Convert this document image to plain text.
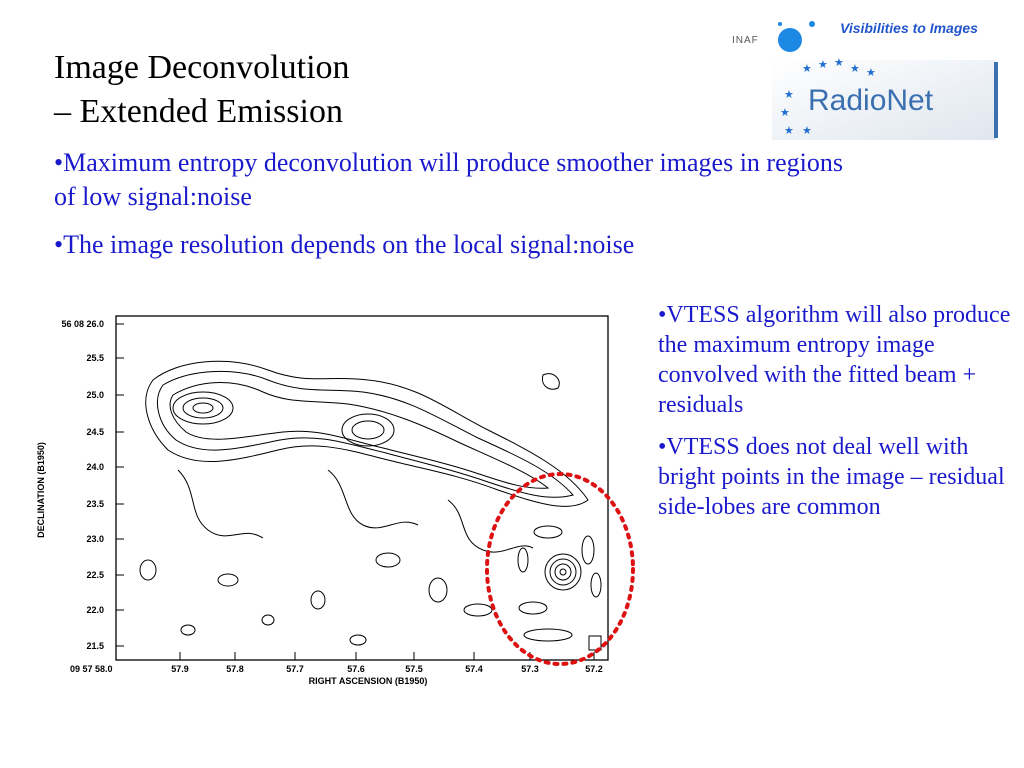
Image Deconvolution
– Extended Emission
★ ★ ★ ★ ★
★
★
★ ★
INAF
Visibilities to Images
RadioNet

•Maximum entropy deconvolution will produce smoother images in regions of low signal:noise

•The image resolution depends on the local signal:noise

•VTESS algorithm will also produce the maximum entropy image convolved with the fitted beam + residuals

•VTESS does not deal well with bright points in the image – residual side-lobes are common

56 08 26.0
25.5
25.0
24.5
24.0
23.5
23.0
22.5
22.0
21.5
DECLINATION (B1950)
09 57 58.0	57.9	57.8	57.7	57.6	57.5	57.4	57.3	57.2
RIGHT ASCENSION (B1950)
